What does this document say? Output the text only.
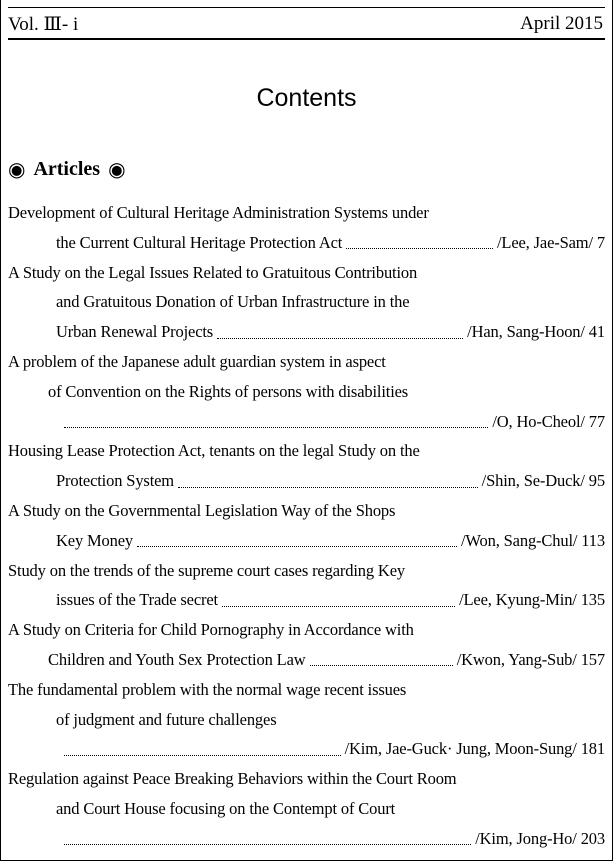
Vol. Ⅲ- i	April 2015
Contents
◉ Articles ◉
Development of Cultural Heritage Administration Systems under
the Current Cultural Heritage Protection Act	/Lee, Jae-Sam/ 7
A Study on the Legal Issues Related to Gratuitous Contribution
and Gratuitous Donation of Urban Infrastructure in the
Urban Renewal Projects	/Han, Sang-Hoon/ 41
A problem of the Japanese adult guardian system in aspect
of Convention on the Rights of persons with disabilities
/O, Ho-Cheol/ 77
Housing Lease Protection Act, tenants on the legal Study on the
Protection System	/Shin, Se-Duck/ 95
A Study on the Governmental Legislation Way of the Shops
Key Money	/Won, Sang-Chul/ 113
Study on the trends of the supreme court cases regarding Key
issues of the Trade secret	/Lee, Kyung-Min/ 135
A Study on Criteria for Child Pornography in Accordance with
Children and Youth Sex Protection Law	/Kwon, Yang-Sub/ 157
The fundamental problem with the normal wage recent issues
of judgment and future challenges
/Kim, Jae-Guck· Jung, Moon-Sung/ 181
Regulation against Peace Breaking Behaviors within the Court Room
and Court House focusing on the Contempt of Court
/Kim, Jong-Ho/ 203
